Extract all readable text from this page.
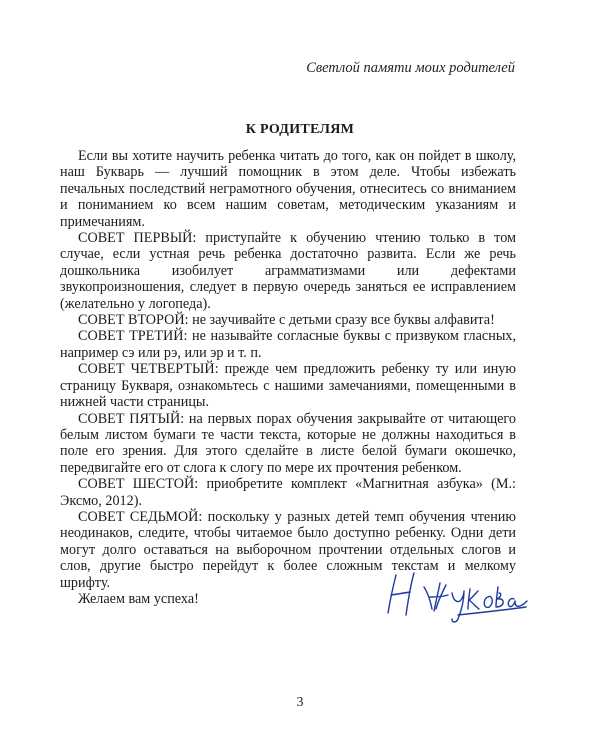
Светлой памяти моих родителей
К РОДИТЕЛЯМ

Если вы хотите научить ребенка читать до того, как он пойдет в школу, наш Букварь — лучший помощник в этом деле. Чтобы избежать печальных последствий неграмотного обучения, отнеситесь со вниманием и пониманием ко всем нашим советам, методическим указаниям и примечаниям.

СОВЕТ ПЕРВЫЙ: приступайте к обучению чтению только в том случае, если устная речь ребенка достаточно развита. Если же речь дошкольника изобилует аграмматизмами или дефектами звукопроизношения, следует в первую очередь заняться ее исправлением (желательно у логопеда).

СОВЕТ ВТОРОЙ: не заучивайте с детьми сразу все буквы алфавита!

СОВЕТ ТРЕТИЙ: не называйте согласные буквы с призвуком гласных, например сэ или рэ, или эр и т. п.

СОВЕТ ЧЕТВЕРТЫЙ: прежде чем предложить ребенку ту или иную страницу Букваря, ознакомьтесь с нашими замечаниями, помещенными в нижней части страницы.

СОВЕТ ПЯТЫЙ: на первых порах обучения закрывайте от читающего белым листом бумаги те части текста, которые не должны находиться в поле его зрения. Для этого сделайте в листе белой бумаги окошечко, передвигайте его от слога к слогу по мере их прочтения ребенком.

СОВЕТ ШЕСТОЙ: приобретите комплект «Магнитная азбука» (М.: Эксмо, 2012).

СОВЕТ СЕДЬМОЙ: поскольку у разных детей темп обучения чтению неодинаков, следите, чтобы читаемое было доступно ребенку. Одни дети могут долго оставаться на выборочном прочтении отдельных слогов и слов, другие быстро перейдут к более сложным текстам и мелкому шрифту.

Желаем вам успеха!

3
